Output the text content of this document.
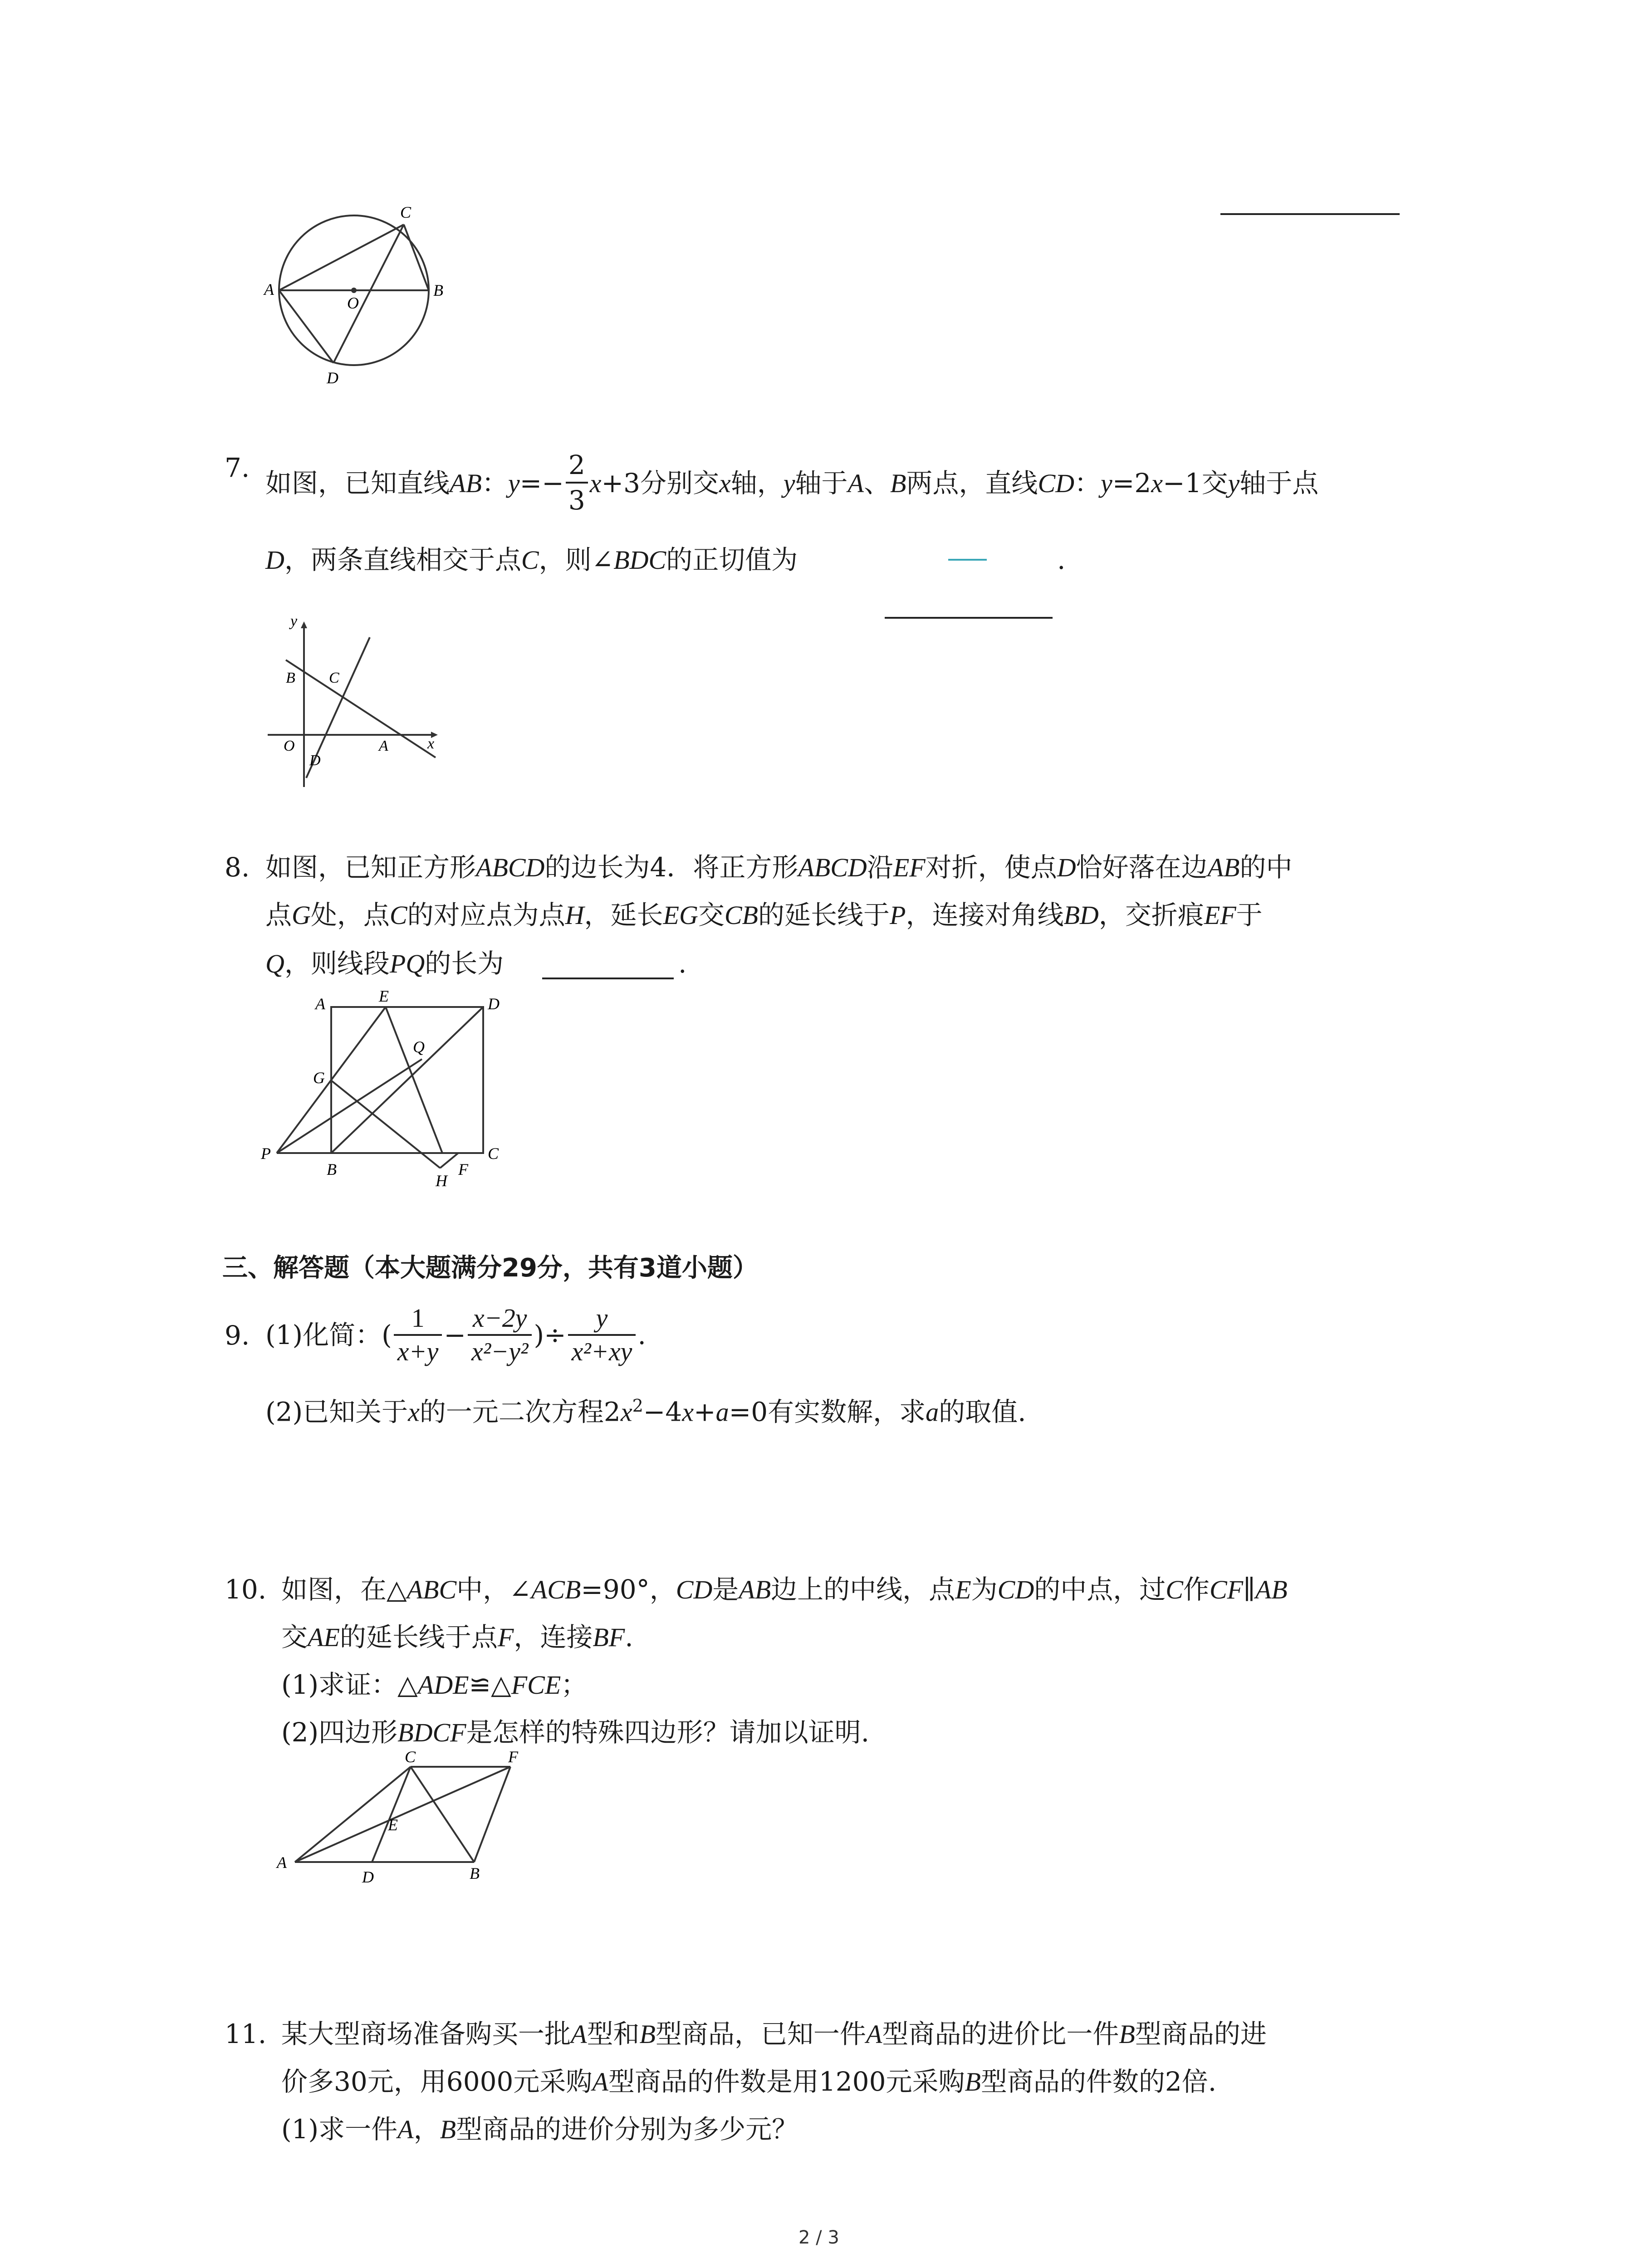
A	B
C
D
O
7.
如图，已知直线AB：$y=- \frac{2}{3} x+3$分别交x轴，y轴于A、B两点，直线CD：y=2x−1交y轴于点
D，两条直线相交于点C，则∠BDC的正切值为	.
y
x
B C
O
D
A
8. 如图，已知正方形ABCD的边长为4．将正方形ABCD沿EF对折，使点D恰好落在边AB的中
点G处，点C的对应点为点H，延长EG交CB的延长线于P，连接对角线BD，交折痕EF于
Q，则线段PQ的长为	.
A	E	D
G
Q
P
B	F
C
H
三、解答题（本大题满分29分，共有3道小题）
9. (1)化简：( $\frac{1}{x+y} - \frac{x-2y}{\text{x²−y²}}$ )÷ $\frac{y}{\text{x²+xy}}$ .
(2)已知关于x的一元二次方程$2x^2-4x+a=0$有实数解，求a的取值.
10. 如图，在△ABC中，∠ACB=90°，CD是AB边上的中线，点E为CD的中点，过C作CF∥AB
交AE的延长线于点F，连接BF.
(1)求证：△ADE≌△FCE；
(2)四边形BDCF是怎样的特殊四边形？请加以证明.
C	F
E
A
D	B
11. 某大型商场准备购买一批A型和B型商品，已知一件A型商品的进价比一件B型商品的进
价多30元，用6000元采购A型商品的件数是用1200元采购B型商品的件数的2倍.
(1)求一件A，B型商品的进价分别为多少元？
2 / 3
